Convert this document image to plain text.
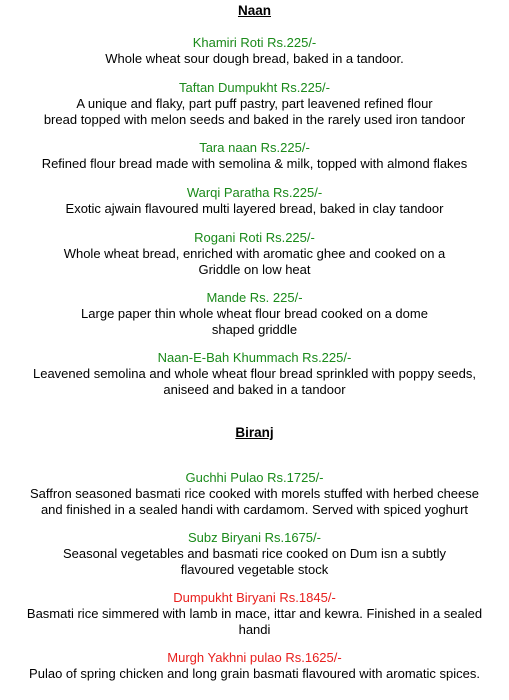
Naan
Khamiri Roti Rs.225/-
Whole wheat sour dough bread, baked in a tandoor.
Taftan Dumpukht Rs.225/-
A unique and flaky, part puff pastry, part leavened refined flour
bread topped with melon seeds and baked in the rarely used iron tandoor
Tara naan Rs.225/-
Refined flour bread made with semolina & milk, topped with almond flakes
Warqi Paratha Rs.225/-
Exotic ajwain flavoured multi layered bread, baked in clay tandoor
Rogani Roti Rs.225/-
Whole wheat bread, enriched with aromatic ghee and cooked on a
Griddle on low heat
Mande Rs. 225/-
Large paper thin whole wheat flour bread cooked on a dome
shaped griddle
Naan-E-Bah Khummach Rs.225/-
Leavened semolina and whole wheat flour bread sprinkled with poppy seeds,
aniseed and baked in a tandoor
Biranj
Guchhi Pulao Rs.1725/-
Saffron seasoned basmati rice cooked with morels stuffed with herbed cheese
and finished in a sealed handi with cardamom. Served with spiced yoghurt
Subz Biryani Rs.1675/-
Seasonal vegetables and basmati rice cooked on Dum isn a subtly
flavoured vegetable stock
Dumpukht Biryani Rs.1845/-
Basmati rice simmered with lamb in mace, ittar and kewra. Finished in a sealed
handi
Murgh Yakhni pulao Rs.1625/-
Pulao of spring chicken and long grain basmati flavoured with aromatic spices.
